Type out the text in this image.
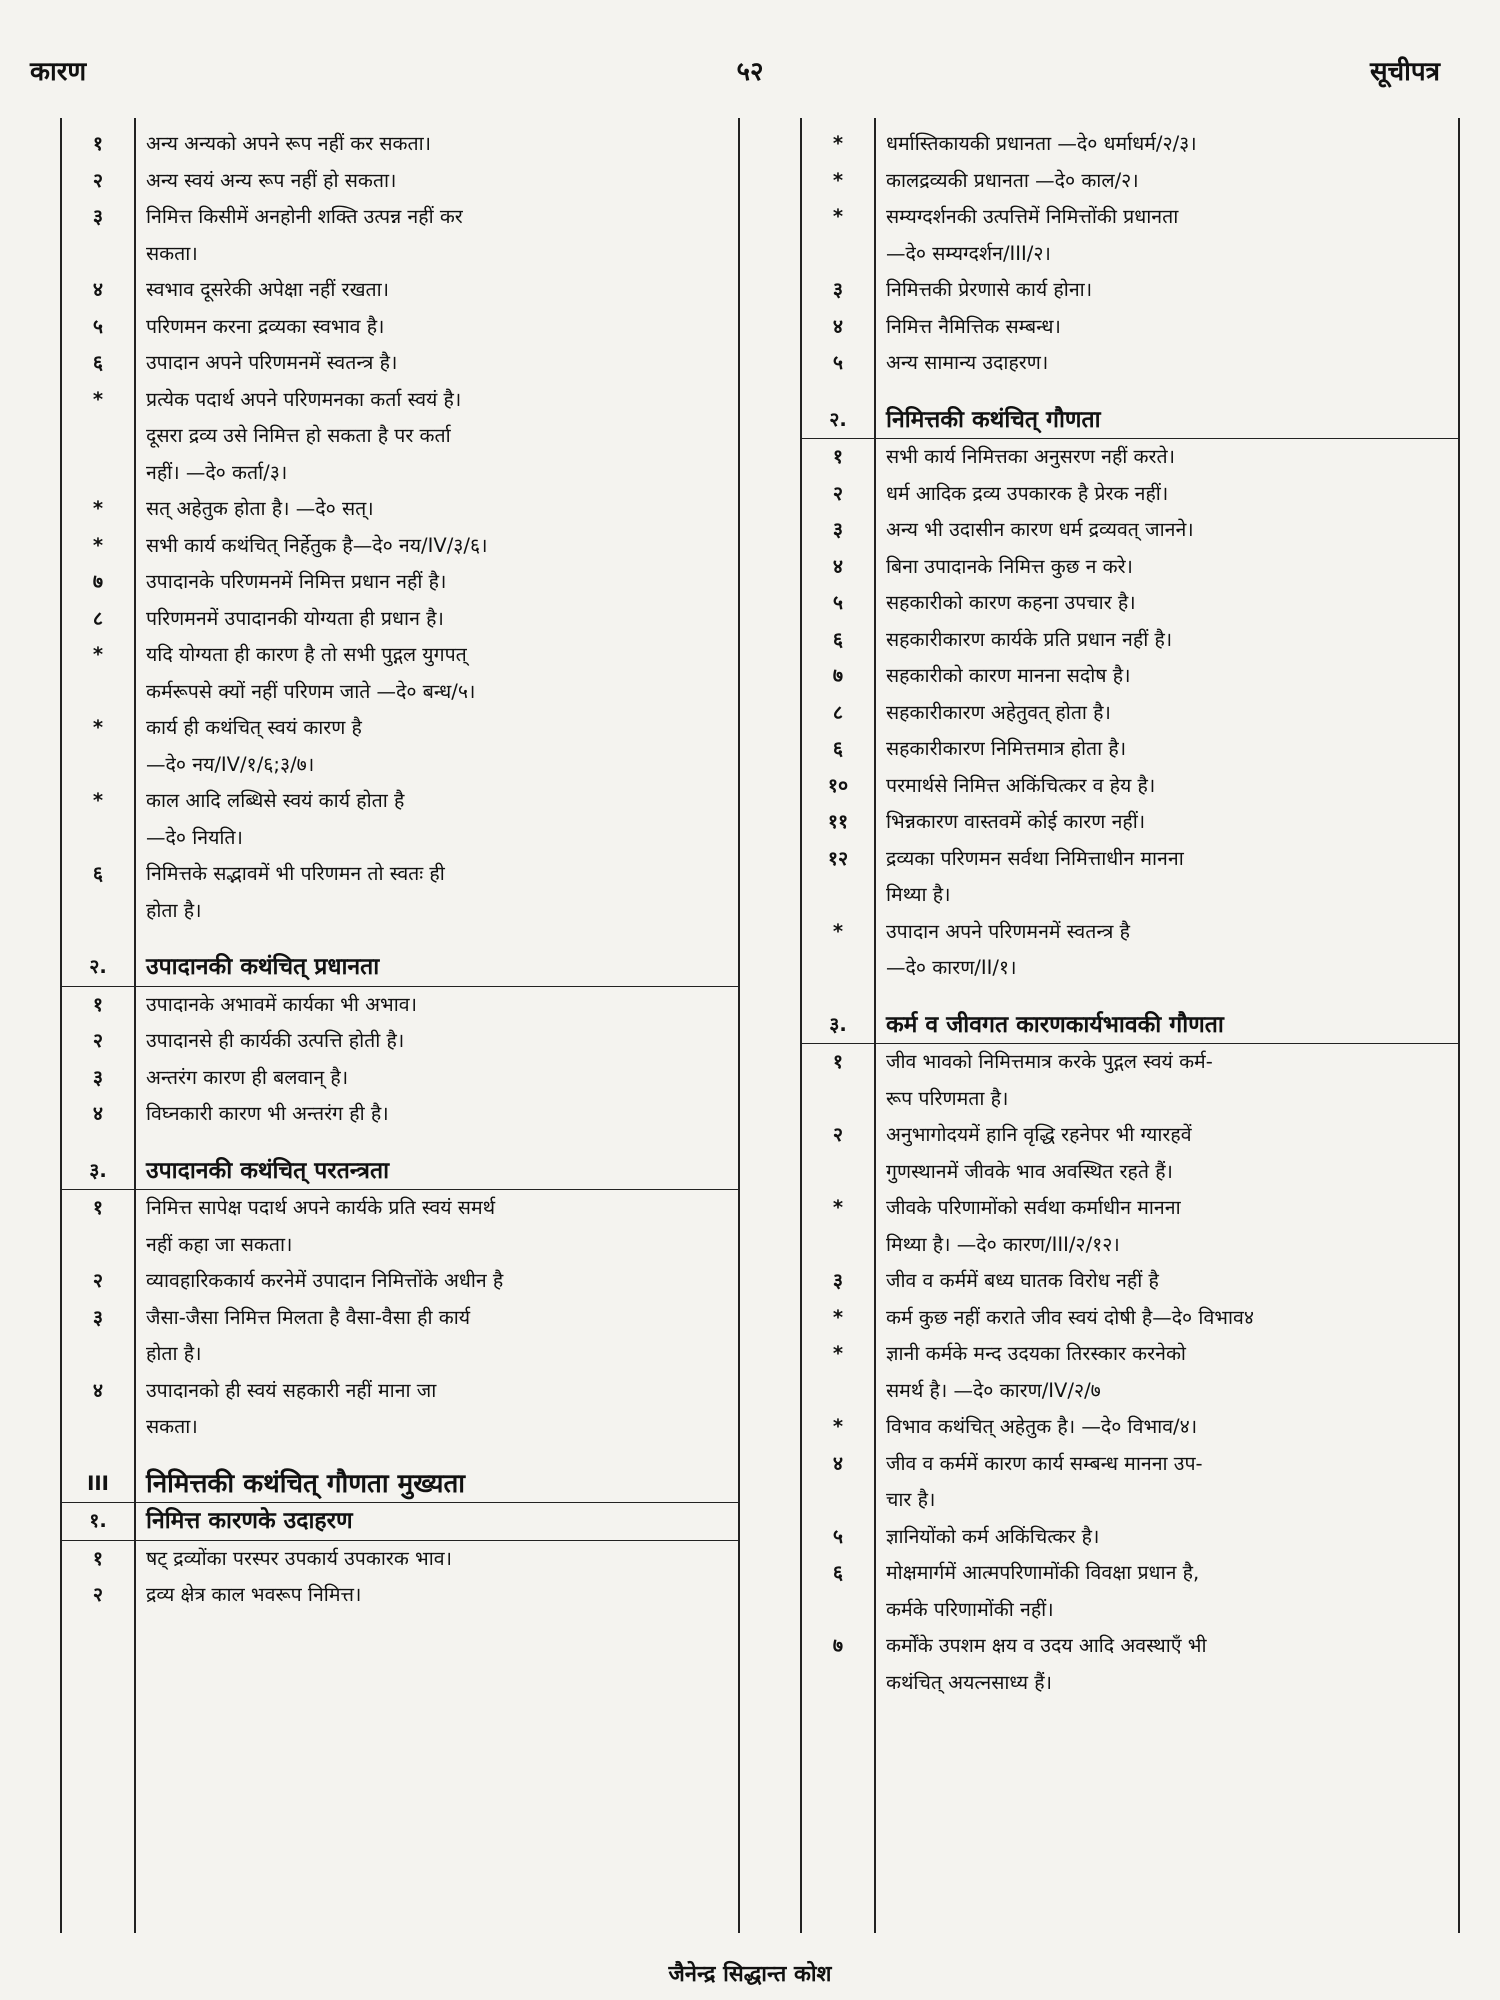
कारण	५२	सूचीपत्र
१	अन्य अन्यको अपने रूप नहीं कर सकता।
२	अन्य स्वयं अन्य रूप नहीं हो सकता।
३	निमित्त किसीमें अनहोनी शक्ति उत्पन्न नहीं कर
सकता।
४	स्वभाव दूसरेकी अपेक्षा नहीं रखता।
५	परिणमन करना द्रव्यका स्वभाव है।
६	उपादान अपने परिणमनमें स्वतन्त्र है।
*	प्रत्येक पदार्थ अपने परिणमनका कर्ता स्वयं है।
दूसरा द्रव्य उसे निमित्त हो सकता है पर कर्ता
नहीं। —दे० कर्ता/३।
*	सत् अहेतुक होता है। —दे० सत्।
*	सभी कार्य कथंचित् निर्हेतुक है—दे० नय/IV/३/६।
७	उपादानके परिणमनमें निमित्त प्रधान नहीं है।
८	परिणमनमें उपादानकी योग्यता ही प्रधान है।
*	यदि योग्यता ही कारण है तो सभी पुद्गल युगपत्
कर्मरूपसे क्यों नहीं परिणम जाते —दे० बन्ध/५।
*	कार्य ही कथंचित् स्वयं कारण है
—दे० नय/IV/१/६;३/७।
*	काल आदि लब्धिसे स्वयं कार्य होता है
—दे० नियति।
६	निमित्तके सद्भावमें भी परिणमन तो स्वतः ही
होता है।
२.	उपादानकी कथंचित् प्रधानता
१	उपादानके अभावमें कार्यका भी अभाव।
२	उपादानसे ही कार्यकी उत्पत्ति होती है।
३	अन्तरंग कारण ही बलवान् है।
४	विघ्नकारी कारण भी अन्तरंग ही है।
३.	उपादानकी कथंचित् परतन्त्रता
१	निमित्त सापेक्ष पदार्थ अपने कार्यके प्रति स्वयं समर्थ
नहीं कहा जा सकता।
२	व्यावहारिककार्य करनेमें उपादान निमित्तोंके अधीन है
३	जैसा-जैसा निमित्त मिलता है वैसा-वैसा ही कार्य
होता है।
४	उपादानको ही स्वयं सहकारी नहीं माना जा
सकता।
III	निमित्तकी कथंचित् गौणता मुख्यता
१.	निमित्त कारणके उदाहरण
१	षट् द्रव्योंका परस्पर उपकार्य उपकारक भाव।
२	द्रव्य क्षेत्र काल भवरूप निमित्त।
*	धर्मास्तिकायकी प्रधानता —दे० धर्माधर्म/२/३।
*	कालद्रव्यकी प्रधानता —दे० काल/२।
*	सम्यग्दर्शनकी उत्पत्तिमें निमित्तोंकी प्रधानता
—दे० सम्यग्दर्शन/III/२।
३	निमित्तकी प्रेरणासे कार्य होना।
४	निमित्त नैमित्तिक सम्बन्ध।
५	अन्य सामान्य उदाहरण।
२.	निमित्तकी कथंचित् गौणता
१	सभी कार्य निमित्तका अनुसरण नहीं करते।
२	धर्म आदिक द्रव्य उपकारक है प्रेरक नहीं।
३	अन्य भी उदासीन कारण धर्म द्रव्यवत् जानने।
४	बिना उपादानके निमित्त कुछ न करे।
५	सहकारीको कारण कहना उपचार है।
६	सहकारीकारण कार्यके प्रति प्रधान नहीं है।
७	सहकारीको कारण मानना सदोष है।
८	सहकारीकारण अहेतुवत् होता है।
६	सहकारीकारण निमित्तमात्र होता है।
१०	परमार्थसे निमित्त अकिंचित्कर व हेय है।
११	भिन्नकारण वास्तवमें कोई कारण नहीं।
१२	द्रव्यका परिणमन सर्वथा निमित्ताधीन मानना
मिथ्या है।
*	उपादान अपने परिणमनमें स्वतन्त्र है
—दे० कारण/II/१।
३.	कर्म व जीवगत कारणकार्यभावकी गौणता
१	जीव भावको निमित्तमात्र करके पुद्गल स्वयं कर्म-
रूप परिणमता है।
२	अनुभागोदयमें हानि वृद्धि रहनेपर भी ग्यारहवें
गुणस्थानमें जीवके भाव अवस्थित रहते हैं।
*	जीवके परिणामोंको सर्वथा कर्माधीन मानना
मिथ्या है। —दे० कारण/III/२/१२।
३	जीव व कर्ममें बध्य घातक विरोध नहीं है
*	कर्म कुछ नहीं कराते जीव स्वयं दोषी है—दे० विभाव४
*	ज्ञानी कर्मके मन्द उदयका तिरस्कार करनेको
समर्थ है। —दे० कारण/IV/२/७
*	विभाव कथंचित् अहेतुक है। —दे० विभाव/४।
४	जीव व कर्ममें कारण कार्य सम्बन्ध मानना उप-
चार है।
५	ज्ञानियोंको कर्म अकिंचित्कर है।
६	मोक्षमार्गमें आत्मपरिणामोंकी विवक्षा प्रधान है,
कर्मके परिणामोंकी नहीं।
७	कर्मोंके उपशम क्षय व उदय आदि अवस्थाएँ भी
कथंचित् अयत्नसाध्य हैं।
जैनेन्द्र सिद्धान्त कोश
